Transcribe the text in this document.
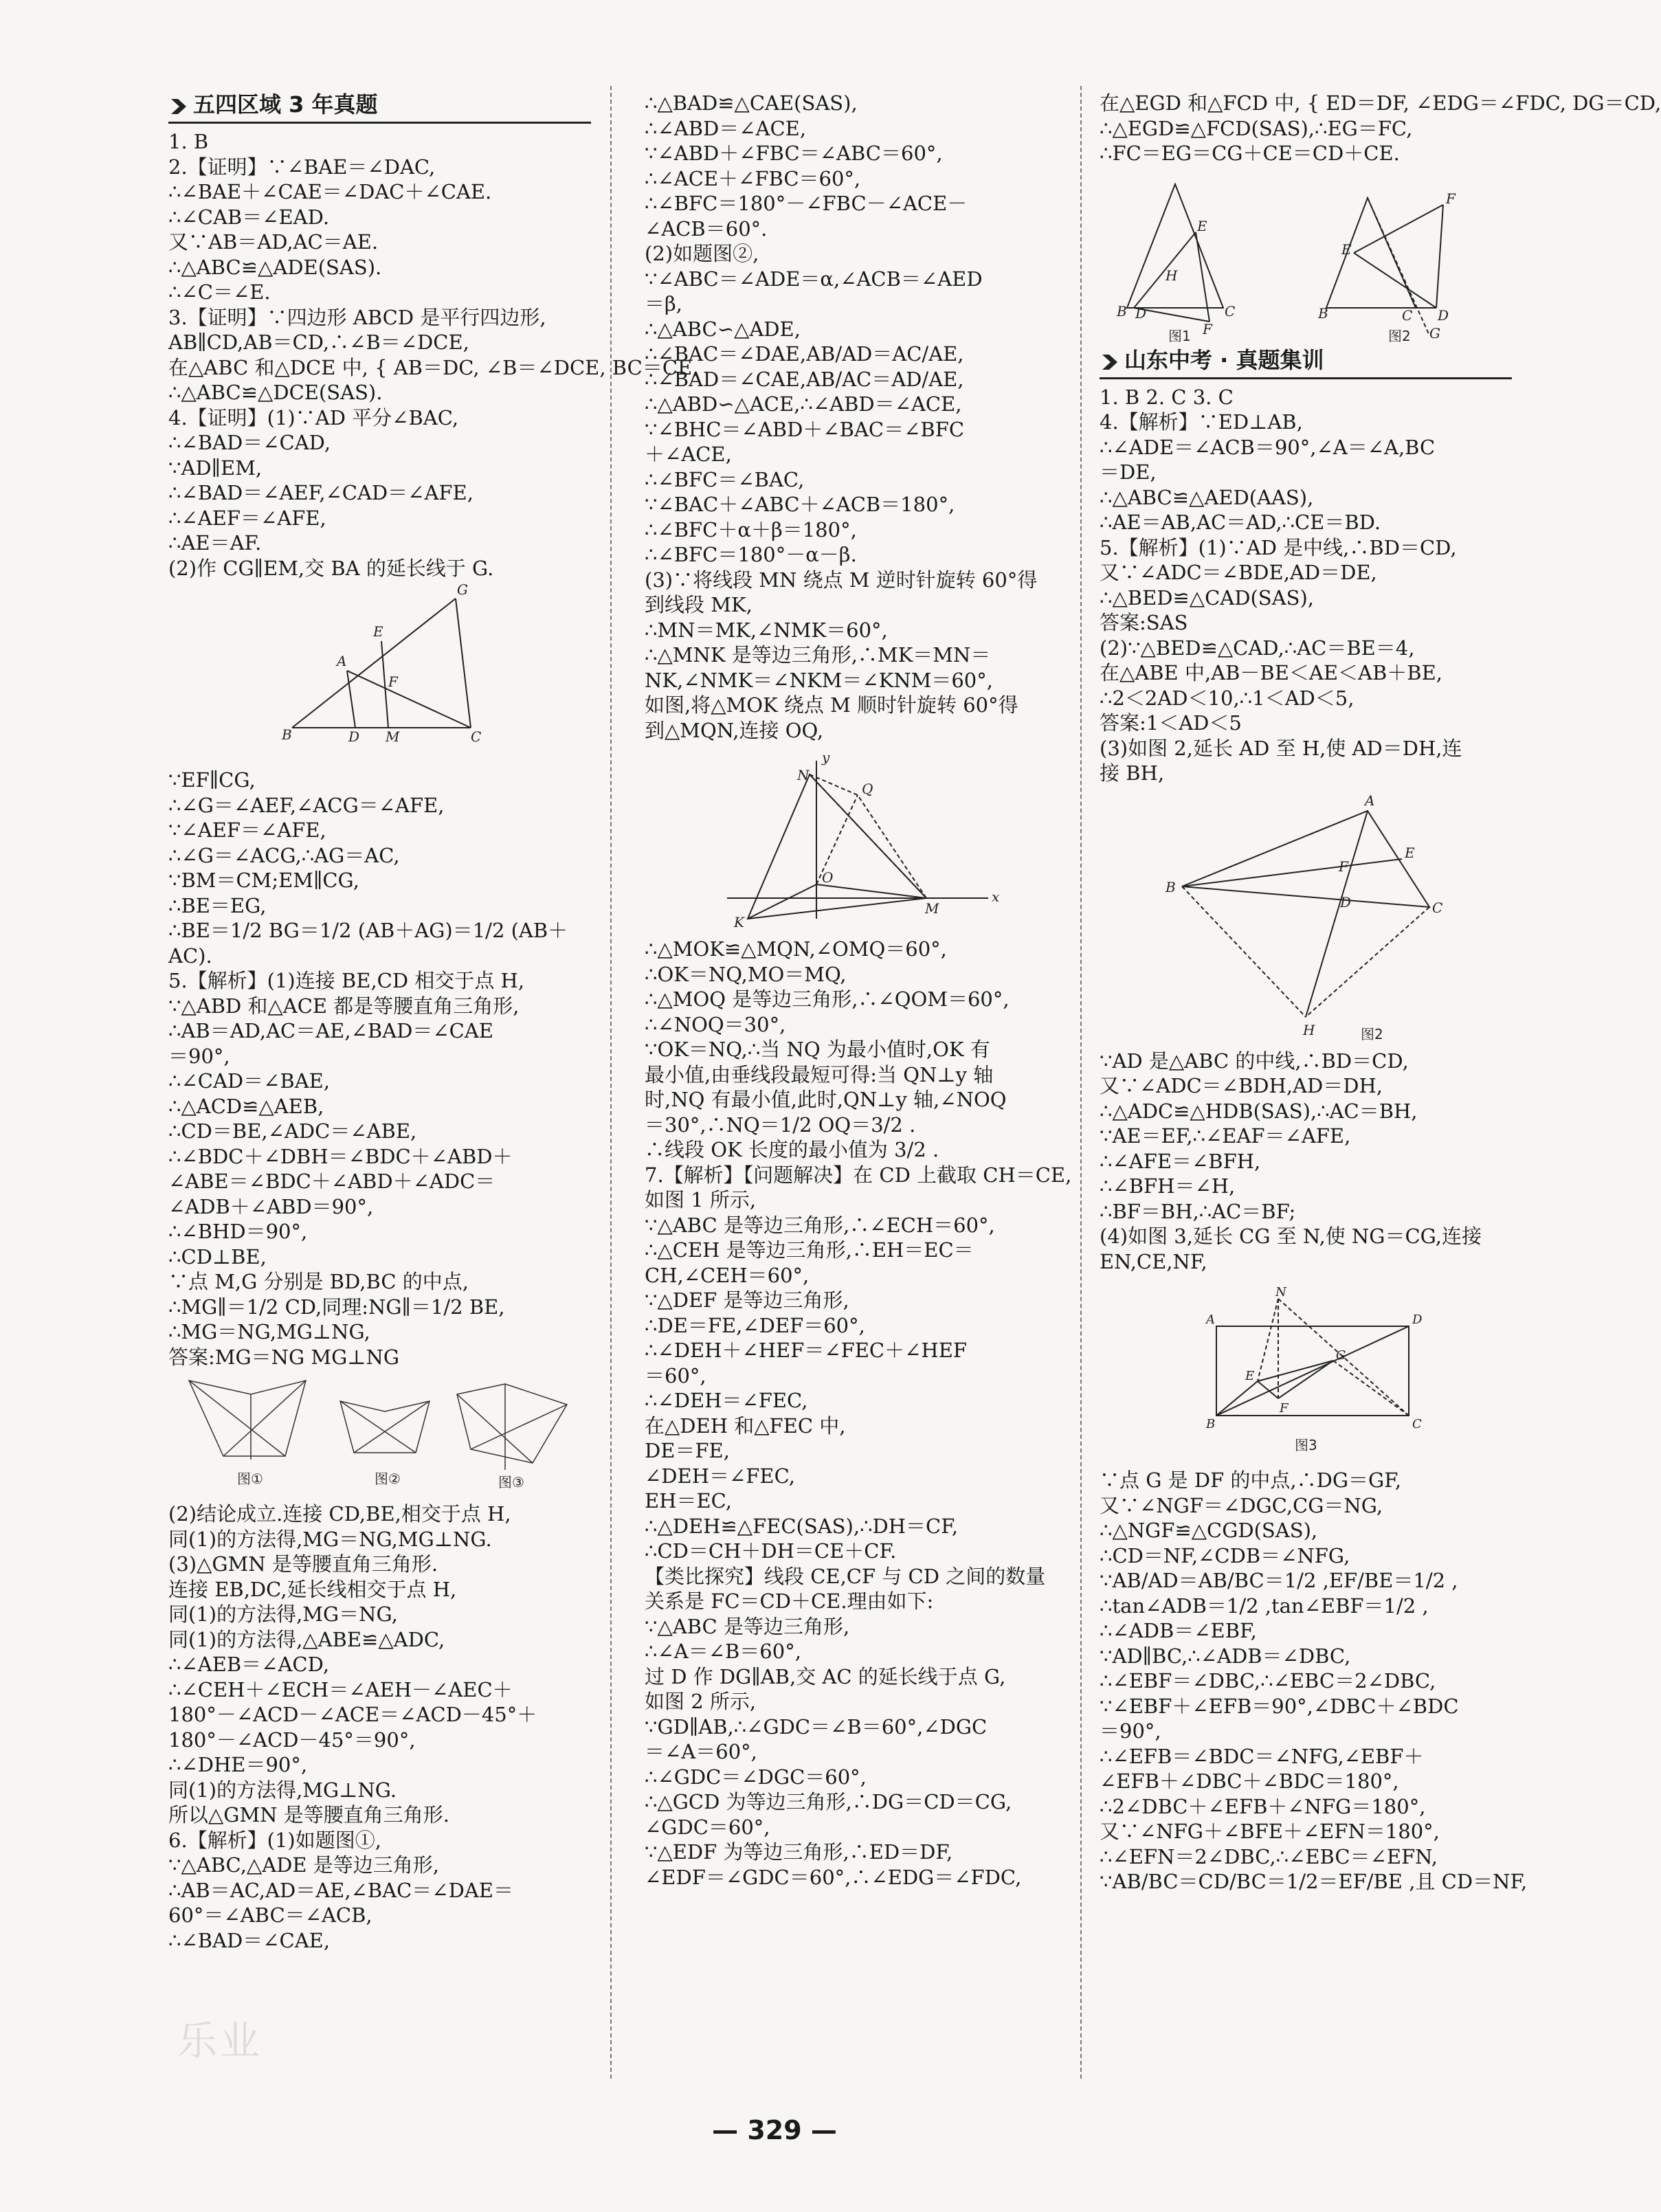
五四区域 3 年真题
1. B
2.【证明】∵∠BAE＝∠DAC,
∴∠BAE＋∠CAE＝∠DAC＋∠CAE.
∴∠CAB＝∠EAD.
又∵AB＝AD,AC＝AE.
∴△ABC≌△ADE(SAS).
∴∠C＝∠E.
3.【证明】∵四边形 ABCD 是平行四边形,
AB∥CD,AB＝CD,∴∠B＝∠DCE,
在△ABC 和△DCE 中, { AB＝DC, ∠B＝∠DCE, BC＝CE,
∴△ABC≌△DCE(SAS).
4.【证明】(1)∵AD 平分∠BAC,
∴∠BAD＝∠CAD,
∵AD∥EM,
∴∠BAD＝∠AEF,∠CAD＝∠AFE,
∴∠AEF＝∠AFE,
∴AE＝AF.
(2)作 CG∥EM,交 BA 的延长线于 G.
B	D M	C
A
E
F
G
∵EF∥CG,
∴∠G＝∠AEF,∠ACG＝∠AFE,
∵∠AEF＝∠AFE,
∴∠G＝∠ACG,∴AG＝AC,
∵BM＝CM;EM∥CG,
∴BE＝EG,
∴BE＝1/2 BG＝1/2 (AB＋AG)＝1/2 (AB＋
AC).
5.【解析】(1)连接 BE,CD 相交于点 H,
∵△ABD 和△ACE 都是等腰直角三角形,
∴AB＝AD,AC＝AE,∠BAD＝∠CAE
＝90°,
∴∠CAD＝∠BAE,
∴△ACD≌△AEB,
∴CD＝BE,∠ADC＝∠ABE,
∴∠BDC＋∠DBH＝∠BDC＋∠ABD＋
∠ABE＝∠BDC＋∠ABD＋∠ADC＝
∠ADB＋∠ABD＝90°,
∴∠BHD＝90°,
∴CD⊥BE,
∵点 M,G 分别是 BD,BC 的中点,
∴MG∥＝1/2 CD,同理:NG∥＝1/2 BE,
∴MG＝NG,MG⊥NG,
答案:MG＝NG MG⊥NG
图①	图②	图③
(2)结论成立.连接 CD,BE,相交于点 H,
同(1)的方法得,MG＝NG,MG⊥NG.
(3)△GMN 是等腰直角三角形.
连接 EB,DC,延长线相交于点 H,
同(1)的方法得,MG＝NG,
同(1)的方法得,△ABE≌△ADC,
∴∠AEB＝∠ACD,
∴∠CEH＋∠ECH＝∠AEH－∠AEC＋
180°－∠ACD－∠ACE＝∠ACD－45°＋
180°－∠ACD－45°＝90°,
∴∠DHE＝90°,
同(1)的方法得,MG⊥NG.
所以△GMN 是等腰直角三角形.
6.【解析】(1)如题图①,
∵△ABC,△ADE 是等边三角形,
∴AB＝AC,AD＝AE,∠BAC＝∠DAE＝
60°＝∠ABC＝∠ACB,
∴∠BAD＝∠CAE,
∴△BAD≌△CAE(SAS),
∴∠ABD＝∠ACE,
∵∠ABD＋∠FBC＝∠ABC＝60°,
∴∠ACE＋∠FBC＝60°,
∴∠BFC＝180°－∠FBC－∠ACE－
∠ACB＝60°.
(2)如题图②,
∵∠ABC＝∠ADE＝α,∠ACB＝∠AED
＝β,
∴△ABC∽△ADE,
∴∠BAC＝∠DAE,AB/AD＝AC/AE,
∴∠BAD＝∠CAE,AB/AC＝AD/AE,
∴△ABD∽△ACE,∴∠ABD＝∠ACE,
∵∠BHC＝∠ABD＋∠BAC＝∠BFC
＋∠ACE,
∴∠BFC＝∠BAC,
∵∠BAC＋∠ABC＋∠ACB＝180°,
∴∠BFC＋α＋β＝180°,
∴∠BFC＝180°－α－β.
(3)∵将线段 MN 绕点 M 逆时针旋转 60°得
到线段 MK,
∴MN＝MK,∠NMK＝60°,
∴△MNK 是等边三角形,∴MK＝MN＝
NK,∠NMK＝∠NKM＝∠KNM＝60°,
如图,将△MOK 绕点 M 顺时针旋转 60°得
到△MQN,连接 OQ,
y
x
N
Q
O
K
M
∴△MOK≌△MQN,∠OMQ＝60°,
∴OK＝NQ,MO＝MQ,
∴△MOQ 是等边三角形,∴∠QOM＝60°,
∴∠NOQ＝30°,
∵OK＝NQ,∴当 NQ 为最小值时,OK 有
最小值,由垂线段最短可得:当 QN⊥y 轴
时,NQ 有最小值,此时,QN⊥y 轴,∠NOQ
＝30°,∴NQ＝1/2 OQ＝3/2 .
∴线段 OK 长度的最小值为 3/2 .
7.【解析】【问题解决】在 CD 上截取 CH＝CE,
如图 1 所示,
∵△ABC 是等边三角形,∴∠ECH＝60°,
∴△CEH 是等边三角形,∴EH＝EC＝
CH,∠CEH＝60°,
∵△DEF 是等边三角形,
∴DE＝FE,∠DEF＝60°,
∴∠DEH＋∠HEF＝∠FEC＋∠HEF
＝60°,
∴∠DEH＝∠FEC,
在△DEH 和△FEC 中,
DE＝FE,
∠DEH＝∠FEC,
EH＝EC,
∴△DEH≌△FEC(SAS),∴DH＝CF,
∴CD＝CH＋DH＝CE＋CF.
【类比探究】线段 CE,CF 与 CD 之间的数量
关系是 FC＝CD＋CE.理由如下:
∵△ABC 是等边三角形,
∴∠A＝∠B＝60°,
过 D 作 DG∥AB,交 AC 的延长线于点 G,
如图 2 所示,
∵GD∥AB,∴∠GDC＝∠B＝60°,∠DGC
＝∠A＝60°,
∴∠GDC＝∠DGC＝60°,
∴△GCD 为等边三角形,∴DG＝CD＝CG,
∠GDC＝60°,
∵△EDF 为等边三角形,∴ED＝DF,
∠EDF＝∠GDC＝60°,∴∠EDG＝∠FDC,
在△EGD 和△FCD 中, { ED＝DF, ∠EDG＝∠FDC, DG＝CD,
∴△EGD≌△FCD(SAS),∴EG＝FC,
∴FC＝EG＝CG＋CE＝CD＋CE.
B D	C
E
H
F
B	C D
E
F
G
图1	图2
山东中考 · 真题集训
1. B 2. C 3. C
4.【解析】∵ED⊥AB,
∴∠ADE＝∠ACB＝90°,∠A＝∠A,BC
＝DE,
∴△ABC≌△AED(AAS),
∴AE＝AB,AC＝AD,∴CE＝BD.
5.【解析】(1)∵AD 是中线,∴BD＝CD,
又∵∠ADC＝∠BDE,AD＝DE,
∴△BED≌△CAD(SAS),
答案:SAS
(2)∵△BED≌△CAD,∴AC＝BE＝4,
在△ABE 中,AB－BE＜AE＜AB＋BE,
∴2＜2AD＜10,∴1＜AD＜5,
答案:1＜AD＜5
(3)如图 2,延长 AD 至 H,使 AD＝DH,连
接 BH,
B
A
C
E
F
D
H	图2
∵AD 是△ABC 的中线,∴BD＝CD,
又∵∠ADC＝∠BDH,AD＝DH,
∴△ADC≌△HDB(SAS),∴AC＝BH,
∵AE＝EF,∴∠EAF＝∠AFE,
∴∠AFE＝∠BFH,
∴∠BFH＝∠H,
∴BF＝BH,∴AC＝BF;
(4)如图 3,延长 CG 至 N,使 NG＝CG,连接
EN,CE,NF,
A	D
B	C
E
F
G
N
图3
∵点 G 是 DF 的中点,∴DG＝GF,
又∵∠NGF＝∠DGC,CG＝NG,
∴△NGF≌△CGD(SAS),
∴CD＝NF,∠CDB＝∠NFG,
∵AB/AD＝AB/BC＝1/2 ,EF/BE＝1/2 ,
∴tan∠ADB＝1/2 ,tan∠EBF＝1/2 ,
∴∠ADB＝∠EBF,
∵AD∥BC,∴∠ADB＝∠DBC,
∴∠EBF＝∠DBC,∴∠EBC＝2∠DBC,
∵∠EBF＋∠EFB＝90°,∠DBC＋∠BDC
＝90°,
∴∠EFB＝∠BDC＝∠NFG,∠EBF＋
∠EFB＋∠DBC＋∠BDC＝180°,
∴2∠DBC＋∠EFB＋∠NFG＝180°,
又∵∠NFG＋∠BFE＋∠EFN＝180°,
∴∠EFN＝2∠DBC,∴∠EBC＝∠EFN,
∵AB/BC＝CD/BC＝1/2＝EF/BE ,且 CD＝NF,
乐业
— 329 —
